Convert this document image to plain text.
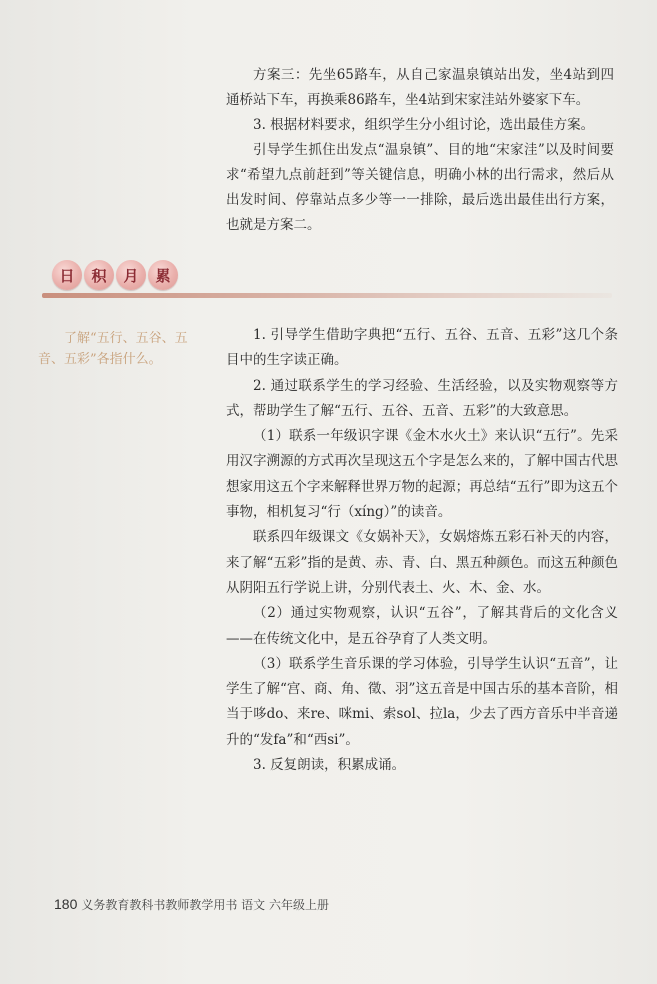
方案三：先坐65路车，从自己家温泉镇站出发，坐4站到四通桥站下车，再换乘86路车，坐4站到宋家洼站外婆家下车。

3. 根据材料要求，组织学生分小组讨论，选出最佳方案。

引导学生抓住出发点“温泉镇”、目的地“宋家洼”以及时间要求“希望九点前赶到”等关键信息，明确小林的出行需求，然后从出发时间、停靠站点多少等一一排除，最后选出最佳出行方案，也就是方案二。

日	积	月	累

了解“五行、五谷、五音、五彩”各指什么。

1. 引导学生借助字典把“五行、五谷、五音、五彩”这几个条目中的生字读正确。

2. 通过联系学生的学习经验、生活经验，以及实物观察等方式，帮助学生了解“五行、五谷、五音、五彩”的大致意思。

（1）联系一年级识字课《金木水火土》来认识“五行”。先采用汉字溯源的方式再次呈现这五个字是怎么来的，了解中国古代思想家用这五个字来解释世界万物的起源；再总结“五行”即为这五个事物，相机复习“行（xíng）”的读音。

联系四年级课文《女娲补天》，女娲熔炼五彩石补天的内容，来了解“五彩”指的是黄、赤、青、白、黑五种颜色。而这五种颜色从阴阳五行学说上讲，分别代表土、火、木、金、水。

（2）通过实物观察，认识“五谷”，了解其背后的文化含义——在传统文化中，是五谷孕育了人类文明。

（3）联系学生音乐课的学习体验，引导学生认识“五音”，让学生了解“宫、商、角、徵、羽”这五音是中国古乐的基本音阶，相当于哆do、来re、咪mi、索sol、拉la，少去了西方音乐中半音递升的“发fa”和“西si”。

3. 反复朗读，积累成诵。

180 义务教育教科书教师教学用书 语文 六年级上册
